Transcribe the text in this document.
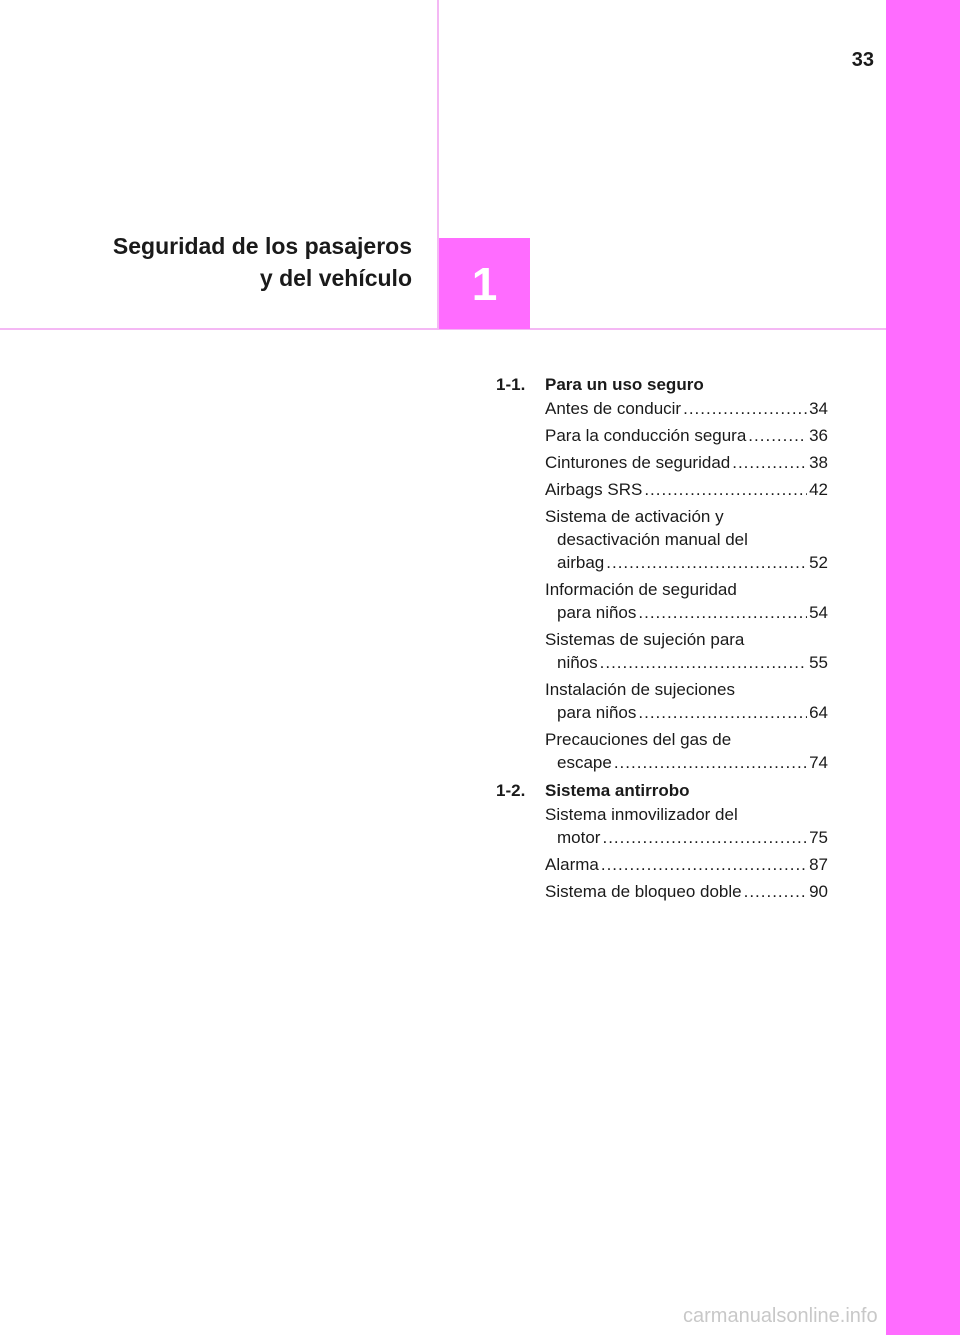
33
Seguridad de los pasajeros
y del vehículo 1
1-1.	Para un uso seguro
Antes de conducir .....	34
Para la conducción segura .....	36
Cinturones de seguridad .....	38
Airbags SRS .....	42
Sistema de activación y
desactivación manual del
airbag .....	52
Información de seguridad
para niños .....	54
Sistemas de sujeción para
niños .....	55
Instalación de sujeciones
para niños .....	64
Precauciones del gas de
escape .....	74
1-2.	Sistema antirrobo
Sistema inmovilizador del
motor .....	75
Alarma .....	87
Sistema de bloqueo doble .....	90
carmanualsonline.info
